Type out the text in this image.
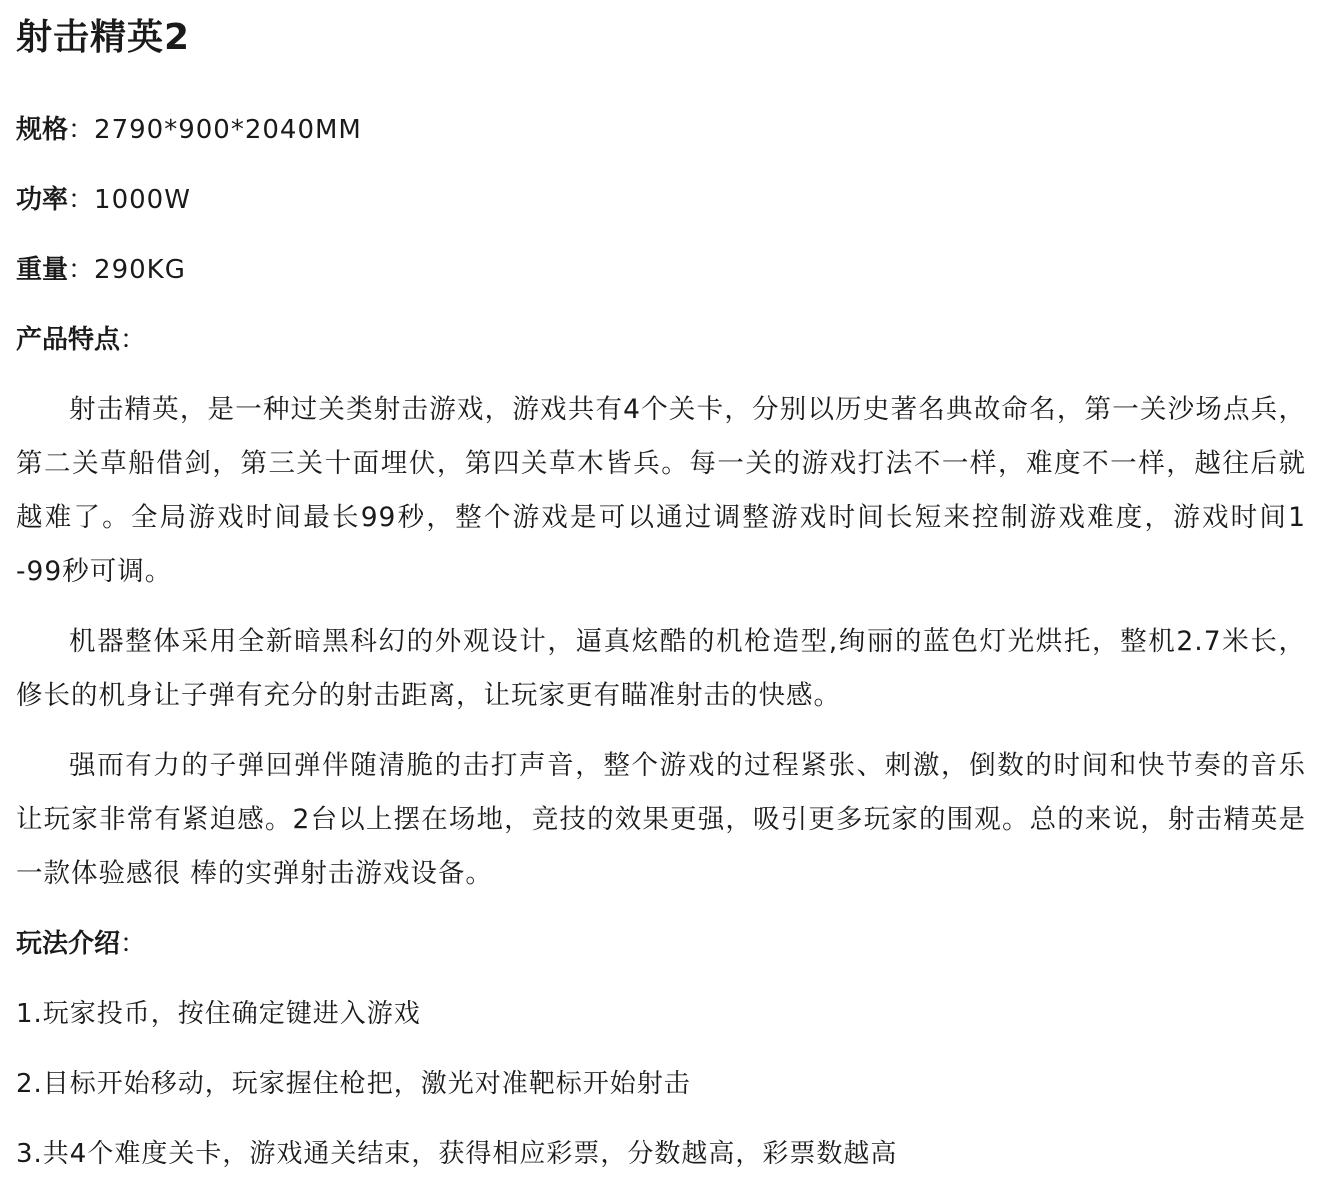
射击精英2

规格：2790*900*2040MM

功率：1000W

重量：290KG

产品特点：

射击精英，是一种过关类射击游戏，游戏共有4个关卡，分别以历史著名典故命名，第一关沙场点兵，第二关草船借剑，第三关十面埋伏，第四关草木皆兵。每一关的游戏打法不一样，难度不一样，越往后就越难了。全局游戏时间最长99秒，整个游戏是可以通过调整游戏时间长短来控制游戏难度，游戏时间1 -99秒可调。

机器整体采用全新暗黑科幻的外观设计，逼真炫酷的机枪造型,绚丽的蓝色灯光烘托，整机2.7米长，修长的机身让子弹有充分的射击距离，让玩家更有瞄准射击的快感。

强而有力的子弹回弹伴随清脆的击打声音，整个游戏的过程紧张、刺激，倒数的时间和快节奏的音乐让玩家非常有紧迫感。2台以上摆在场地，竞技的效果更强，吸引更多玩家的围观。总的来说，射击精英是一款体验感很 棒的实弹射击游戏设备。

玩法介绍：

1.玩家投币，按住确定键进入游戏

2.目标开始移动，玩家握住枪把，激光对准靶标开始射击

3.共4个难度关卡，游戏通关结束，获得相应彩票，分数越高，彩票数越高
